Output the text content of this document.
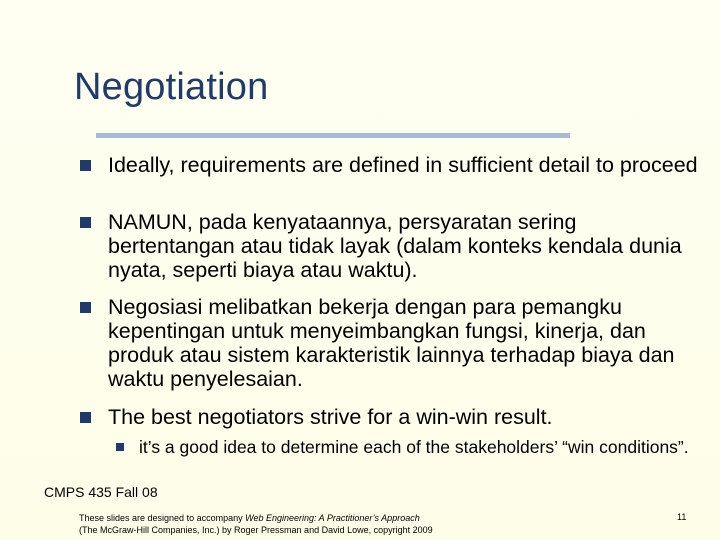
Negotiation
Ideally, requirements are defined in sufficient detail to proceed
NAMUN, pada kenyataannya, persyaratan sering bertentangan atau tidak layak (dalam konteks kendala dunia nyata, seperti biaya atau waktu).
Negosiasi melibatkan bekerja dengan para pemangku kepentingan untuk menyeimbangkan fungsi, kinerja, dan produk atau sistem karakteristik lainnya terhadap biaya dan waktu penyelesaian.
The best negotiators strive for a win-win result.
it’s a good idea to determine each of the stakeholders’ “win conditions”.
CMPS 435 Fall 08
These slides are designed to accompany Web Engineering: A Practitioner’s Approach
(The McGraw-Hill Companies, Inc.) by Roger Pressman and David Lowe, copyright 2009
11
